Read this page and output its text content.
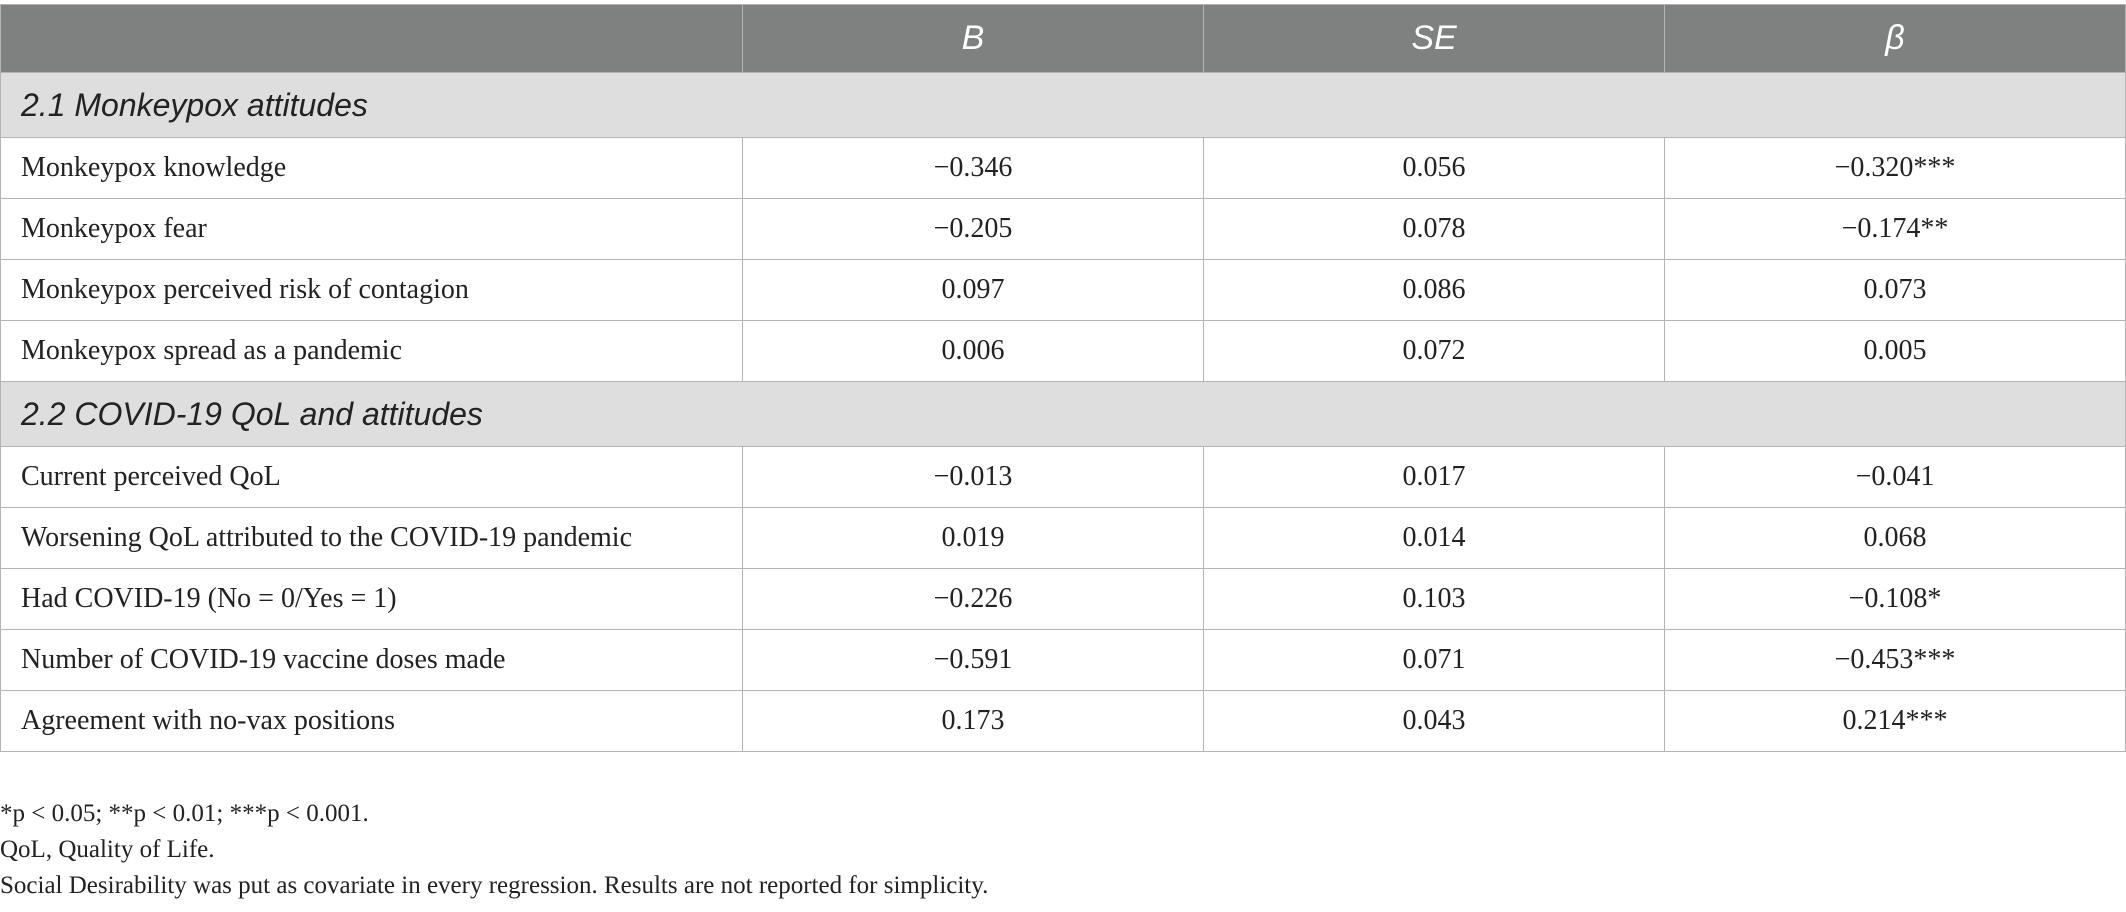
	B	SE	β
2.1 Monkeypox attitudes			
Monkeypox knowledge	−0.346	0.056	−0.320***
Monkeypox fear	−0.205	0.078	−0.174**
Monkeypox perceived risk of contagion	0.097	0.086	0.073
Monkeypox spread as a pandemic	0.006	0.072	0.005
2.2 COVID-19 QoL and attitudes			
Current perceived QoL	−0.013	0.017	−0.041
Worsening QoL attributed to the COVID-19 pandemic	0.019	0.014	0.068
Had COVID-19 (No = 0/Yes = 1)	−0.226	0.103	−0.108*
Number of COVID-19 vaccine doses made	−0.591	0.071	−0.453***
Agreement with no-vax positions	0.173	0.043	0.214***
*p < 0.05; **p < 0.01; ***p < 0.001.
QoL, Quality of Life.
Social Desirability was put as covariate in every regression. Results are not reported for simplicity.
